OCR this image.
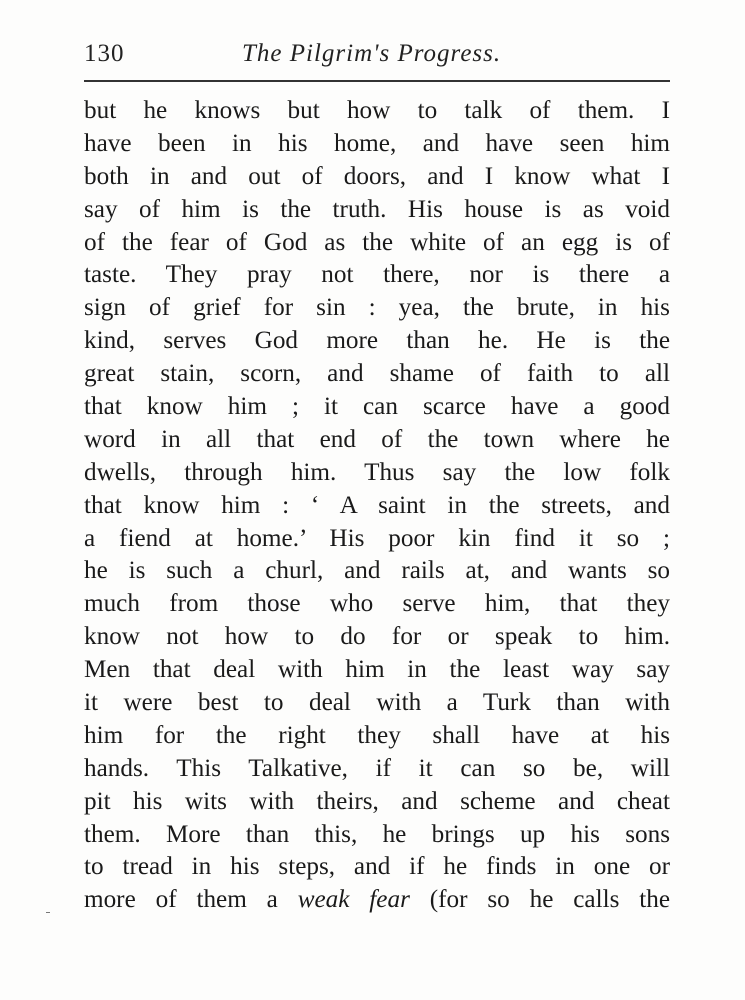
130	The Pilgrim's Progress.
but he knows but how to talk of them. I
have been in his home, and have seen him
both in and out of doors, and I know what I
say of him is the truth. His house is as void
of the fear of God as the white of an egg is of
taste. They pray not there, nor is there a
sign of grief for sin : yea, the brute, in his
kind, serves God more than he. He is the
great stain, scorn, and shame of faith to all
that know him ; it can scarce have a good
word in all that end of the town where he
dwells, through him. Thus say the low folk
that know him : ‘ A saint in the streets, and
a fiend at home.’ His poor kin find it so ;
he is such a churl, and rails at, and wants so
much from those who serve him, that they
know not how to do for or speak to him.
Men that deal with him in the least way say
it were best to deal with a Turk than with
him for the right they shall have at his
hands. This Talkative, if it can so be, will
pit his wits with theirs, and scheme and cheat
them. More than this, he brings up his sons
to tread in his steps, and if he finds in one or
more of them a weak fear (for so he calls the
